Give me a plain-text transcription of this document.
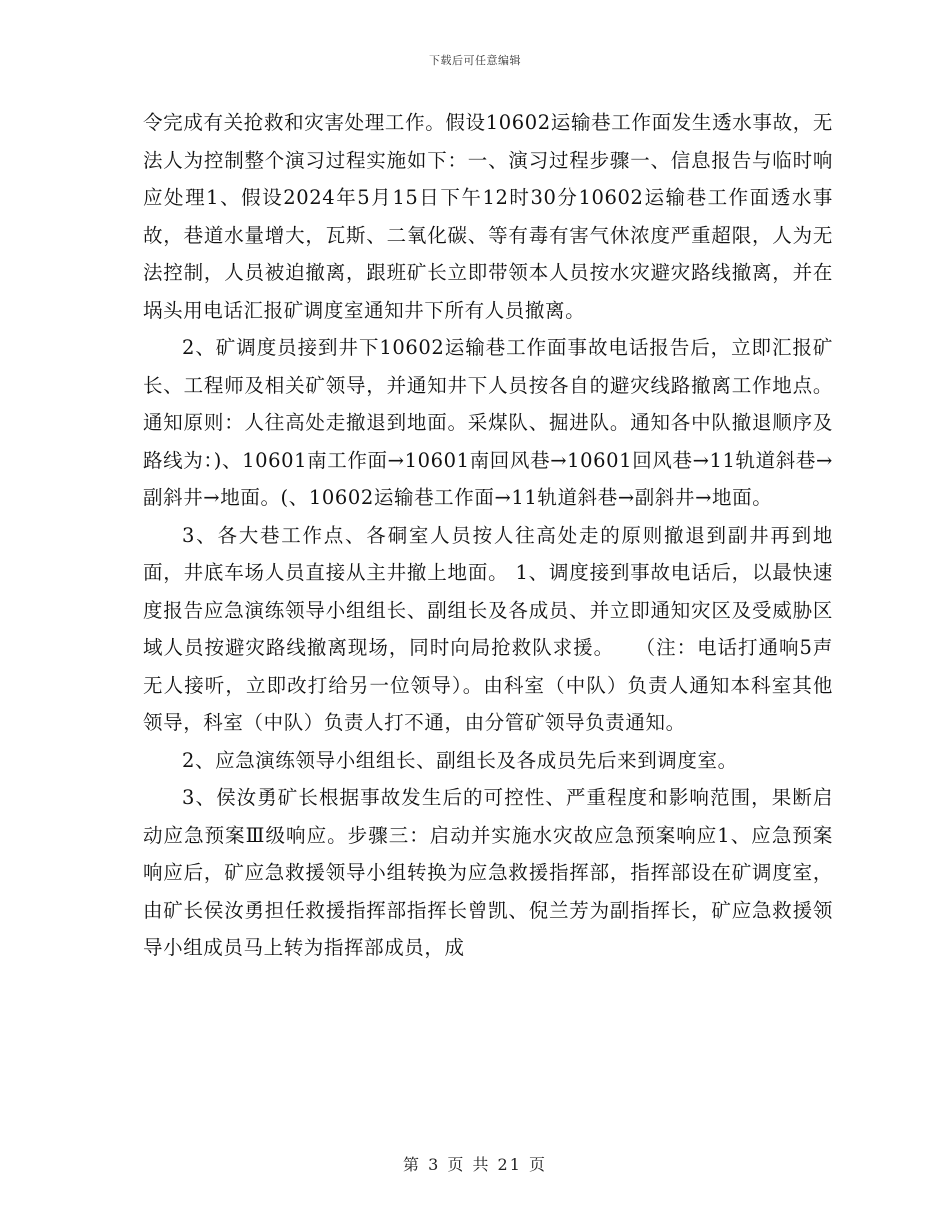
下载后可任意编辑

令完成有关抢救和灾害处理工作。假设10602运输巷工作面发生透水事故，无法人为控制整个演习过程实施如下：一、演习过程步骤一、信息报告与临时响应处理1、假设2024年5月15日下午12时30分10602运输巷工作面透水事故，巷道水量增大，瓦斯、二氧化碳、等有毒有害气休浓度严重超限，人为无法控制，人员被迫撤离，跟班矿长立即带领本人员按水灾避灾路线撤离，并在埚头用电话汇报矿调度室通知井下所有人员撤离。

2、矿调度员接到井下10602运输巷工作面事故电话报告后，立即汇报矿长、工程师及相关矿领导，并通知井下人员按各自的避灾线路撤离工作地点。通知原则：人往高处走撤退到地面。采煤队、掘进队。通知各中队撤退顺序及路线为：)、10601南工作面→10601南回风巷→10601回风巷→11轨道斜巷→副斜井→地面。(、10602运输巷工作面→11轨道斜巷→副斜井→地面。

3、各大巷工作点、各硐室人员按人往高处走的原则撤退到副井再到地面，井底车场人员直接从主井撤上地面。 1、调度接到事故电话后，以最快速度报告应急演练领导小组组长、副组长及各成员、并立即通知灾区及受威胁区域人员按避灾路线撤离现场，同时向局抢救队求援。　　（注：电话打通响5声无人接听，立即改打给另一位领导）。由科室（中队）负责人通知本科室其他领导，科室（中队）负责人打不通，由分管矿领导负责通知。

2、应急演练领导小组组长、副组长及各成员先后来到调度室。

3、侯汝勇矿长根据事故发生后的可控性、严重程度和影响范围，果断启动应急预案Ⅲ级响应。步骤三：启动并实施水灾故应急预案响应1、应急预案响应后，矿应急救援领导小组转换为应急救援指挥部，指挥部设在矿调度室，由矿长侯汝勇担任救援指挥部指挥长曾凯、倪兰芳为副指挥长，矿应急救援领导小组成员马上转为指挥部成员，成

第 3 页 共 21 页
